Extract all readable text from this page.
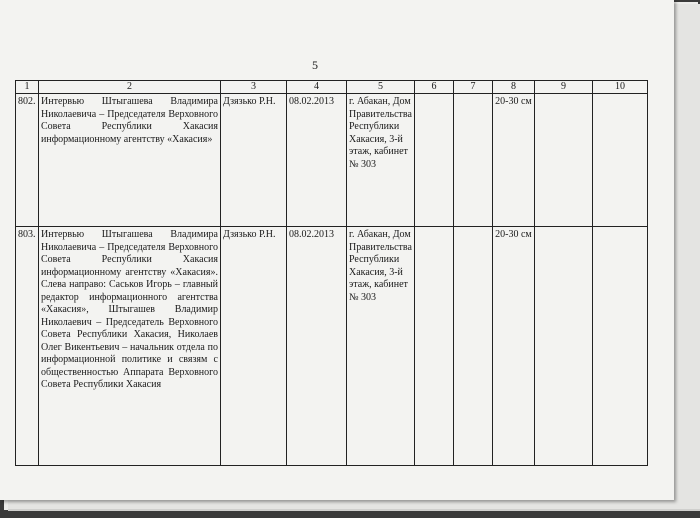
5
1	2	3	4	5	6	7	8	9	10
802.	Интервью Штыгашева Владимира Николаевича – Председателя Верховного Совета Республики Хакасия информационному агентству «Хакасия»	Дзязько Р.Н.	08.02.2013	г. Абакан, Дом Правительства Республики Хакасия, 3-й этаж, кабинет № 303			20-30 см		
803.	Интервью Штыгашева Владимира Николаевича – Председателя Верховного Совета Республики Хакасия информационному агентству «Хакасия». Слева направо: Саськов Игорь – главный редактор информационного агентства «Хакасия», Штыгашев Владимир Николаевич – Председатель Верховного Совета Республики Хакасия, Николаев Олег Викентьевич – начальник отдела по информационной политике и связям с общественностью Аппарата Верховного Совета Республики Хакасия	Дзязько Р.Н.	08.02.2013	г. Абакан, Дом Правительства Республики Хакасия, 3-й этаж, кабинет № 303			20-30 см		
